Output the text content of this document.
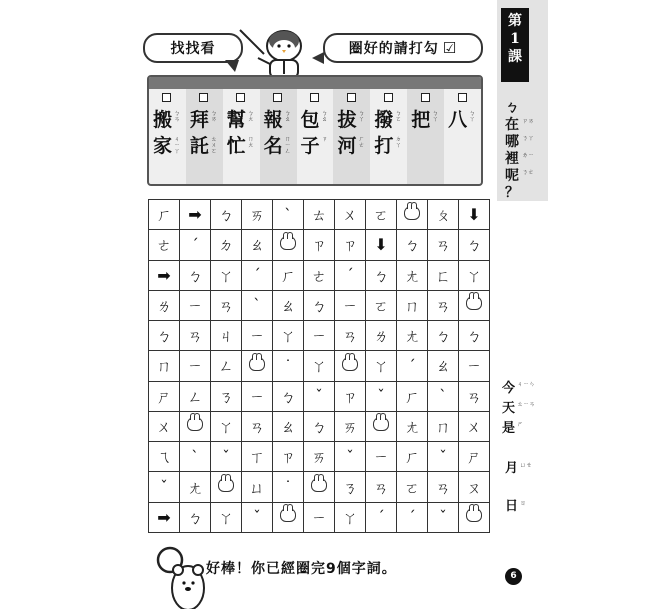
找找看	圈好的請打勾 ☑
搬 ㄅㄢ
家 ㄐㄧㄚ
拜 ㄅㄞ
託 ㄊㄨㄛ
幫 ㄅㄤ
忙 ㄇㄤ
報 ㄅㄠ
名 ㄇㄧㄥ
包 ㄅㄠ
子 ㄗ
拔 ㄅㄚ
河 ㄏㄜ
撥 ㄅㄛ
打 ㄉㄚ
把 ㄅㄚ 八 ㄅㄚ
ㄏ	➡	ㄅ	ㄞ	ˋ	ㄊ	ㄨ	ㄛ		ㄆ	⬇
ㄜ	ˊ	ㄉ	ㄠ		ㄗ	ㄗ	⬇	ㄅ	ㄢ	ㄅ
➡	ㄅ	ㄚ	ˊ	ㄏ	ㄜ	ˊ	ㄅ	ㄤ	ㄈ	ㄚ
ㄌ	ㄧ	ㄢ	ˋ	ㄠ	ㄅ	ㄧ	ㄛ	ㄇ	ㄢ	
ㄅ	ㄢ	ㄐ	ㄧ	ㄚ	ㄧ	ㄢ	ㄌ	ㄤ	ㄅ	ㄅ
ㄇ	ㄧ	ㄥ		˙	ㄚ		ㄚ	ˊ	ㄠ	ㄧ
ㄕ	ㄥ	ㄋ	ㄧ	ㄅ	ˇ	ㄗ	ˇ	ㄏ	ˋ	ㄢ
ㄨ		ㄚ	ㄢ	ㄠ	ㄅ	ㄞ		ㄤ	ㄇ	ㄨ
ㄟ	ˋ	ˇ	ㄒ	ㄗ	ㄞ	ˇ	ㄧ	ㄏ	ˇ	ㄕ
ˇ	ㄤ		ㄩ	˙		ㄋ	ㄢ	ㄛ	ㄢ	ㄡ
➡	ㄅ	ㄚ	ˇ		ㄧ	ㄚ	ˊ	ˊ	ˇ	
第
1
課
ㄅ
在 ㄗㄞ
哪 ㄋㄚ
裡 ㄌㄧ
呢 ㄋㄜ
？
今 ㄐㄧㄣ
天 ㄊㄧㄢ
是 ㄕ
月 ㄩㄝ
日 ㄖ
好棒！你已經圈完9個字詞。	6
